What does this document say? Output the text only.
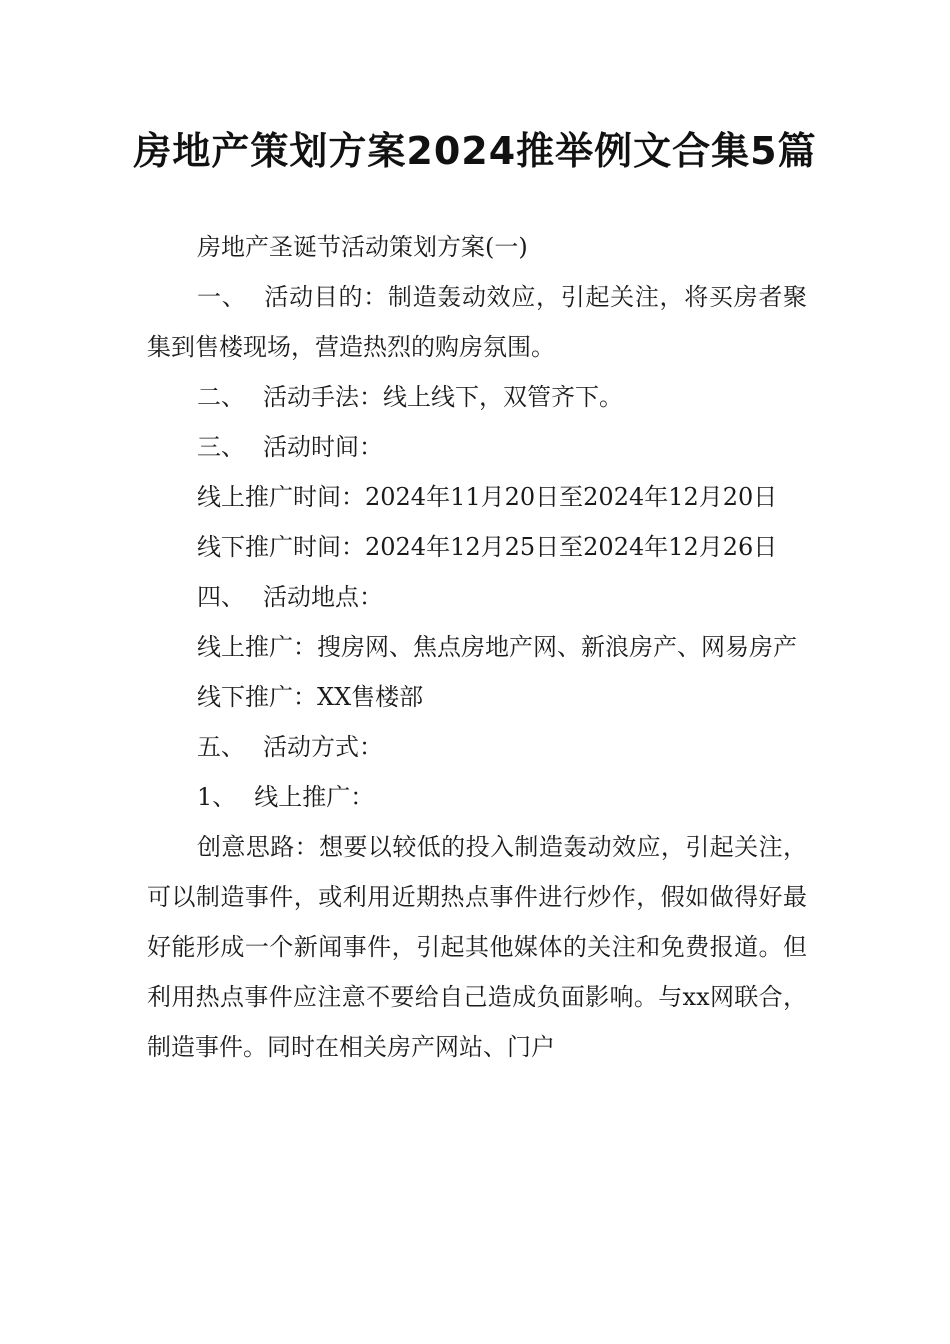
房地产策划方案2024推举例文合集5篇

房地产圣诞节活动策划方案(一)

一、 活动目的：制造轰动效应，引起关注，将买房者聚集到售楼现场，营造热烈的购房氛围。

二、 活动手法：线上线下，双管齐下。

三、 活动时间：

线上推广时间：2024年11月20日至2024年12月20日

线下推广时间：2024年12月25日至2024年12月26日

四、 活动地点：

线上推广：搜房网、焦点房地产网、新浪房产、网易房产

线下推广：XX售楼部

五、 活动方式：

1、 线上推广：

创意思路：想要以较低的投入制造轰动效应，引起关注，可以制造事件，或利用近期热点事件进行炒作，假如做得好最好能形成一个新闻事件，引起其他媒体的关注和免费报道。但利用热点事件应注意不要给自己造成负面影响。与xx网联合，制造事件。同时在相关房产网站、门户
